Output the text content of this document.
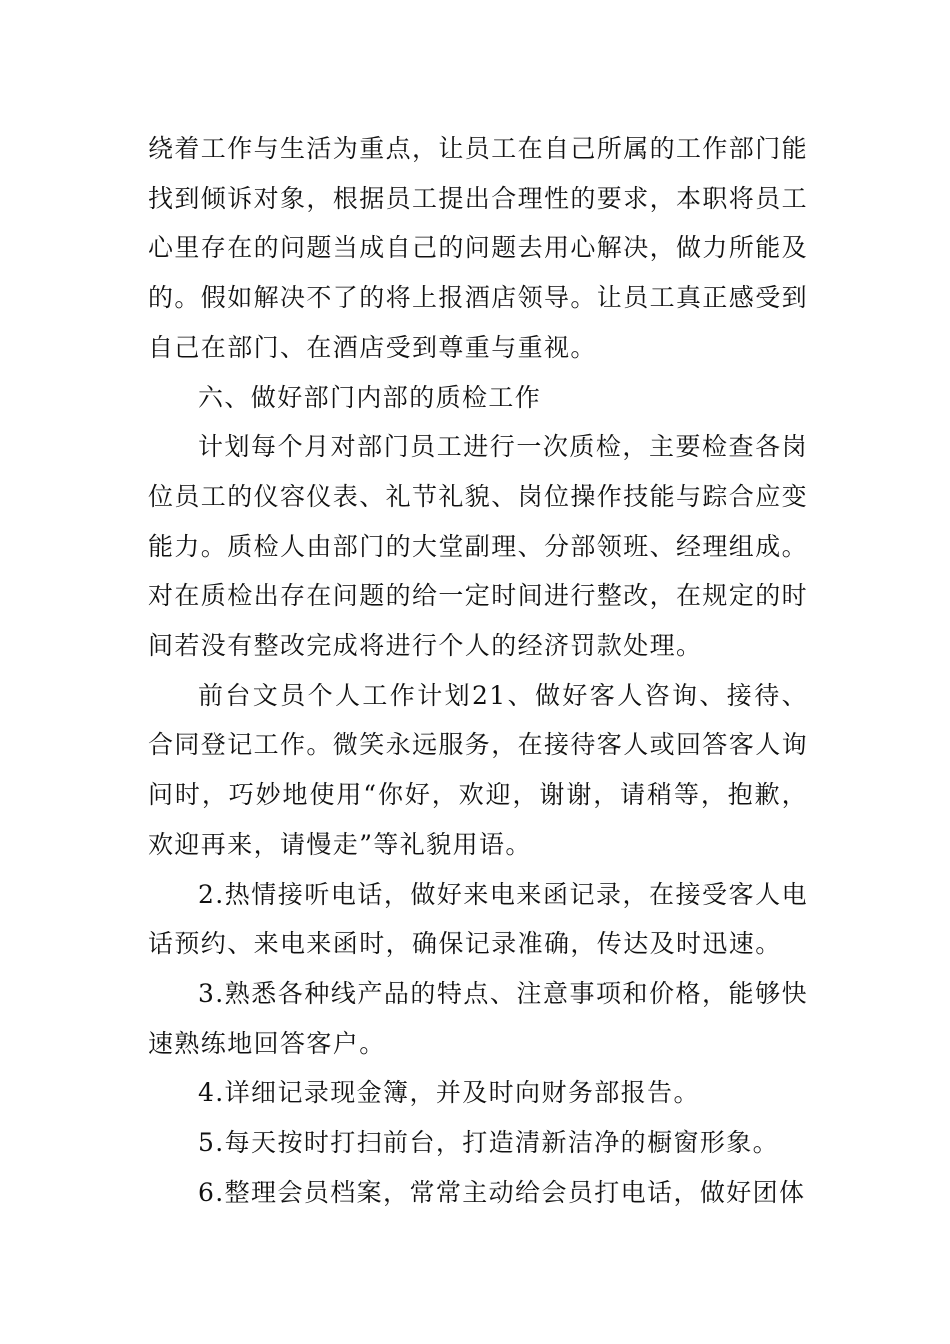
绕着工作与生活为重点，让员工在自己所属的工作部门能找到倾诉对象，根据员工提出合理性的要求，本职将员工心里存在的问题当成自己的问题去用心解决，做力所能及的。假如解决不了的将上报酒店领导。让员工真正感受到自己在部门、在酒店受到尊重与重视。

六、做好部门内部的质检工作

计划每个月对部门员工进行一次质检，主要检查各岗位员工的仪容仪表、礼节礼貌、岗位操作技能与踪合应变能力。质检人由部门的大堂副理、分部领班、经理组成。对在质检出存在问题的给一定时间进行整改，在规定的时间若没有整改完成将进行个人的经济罚款处理。

前台文员个人工作计划21、做好客人咨询、接待、合同登记工作。微笑永远服务，在接待客人或回答客人询问时，巧妙地使用“你好，欢迎，谢谢，请稍等，抱歉，欢迎再来，请慢走”等礼貌用语。

2.热情接听电话，做好来电来函记录，在接受客人电话预约、来电来函时，确保记录准确，传达及时迅速。

3.熟悉各种线产品的特点、注意事项和价格，能够快速熟练地回答客户。

4.详细记录现金簿，并及时向财务部报告。

5.每天按时打扫前台，打造清新洁净的橱窗形象。

6.整理会员档案，常常主动给会员打电话，做好团体
